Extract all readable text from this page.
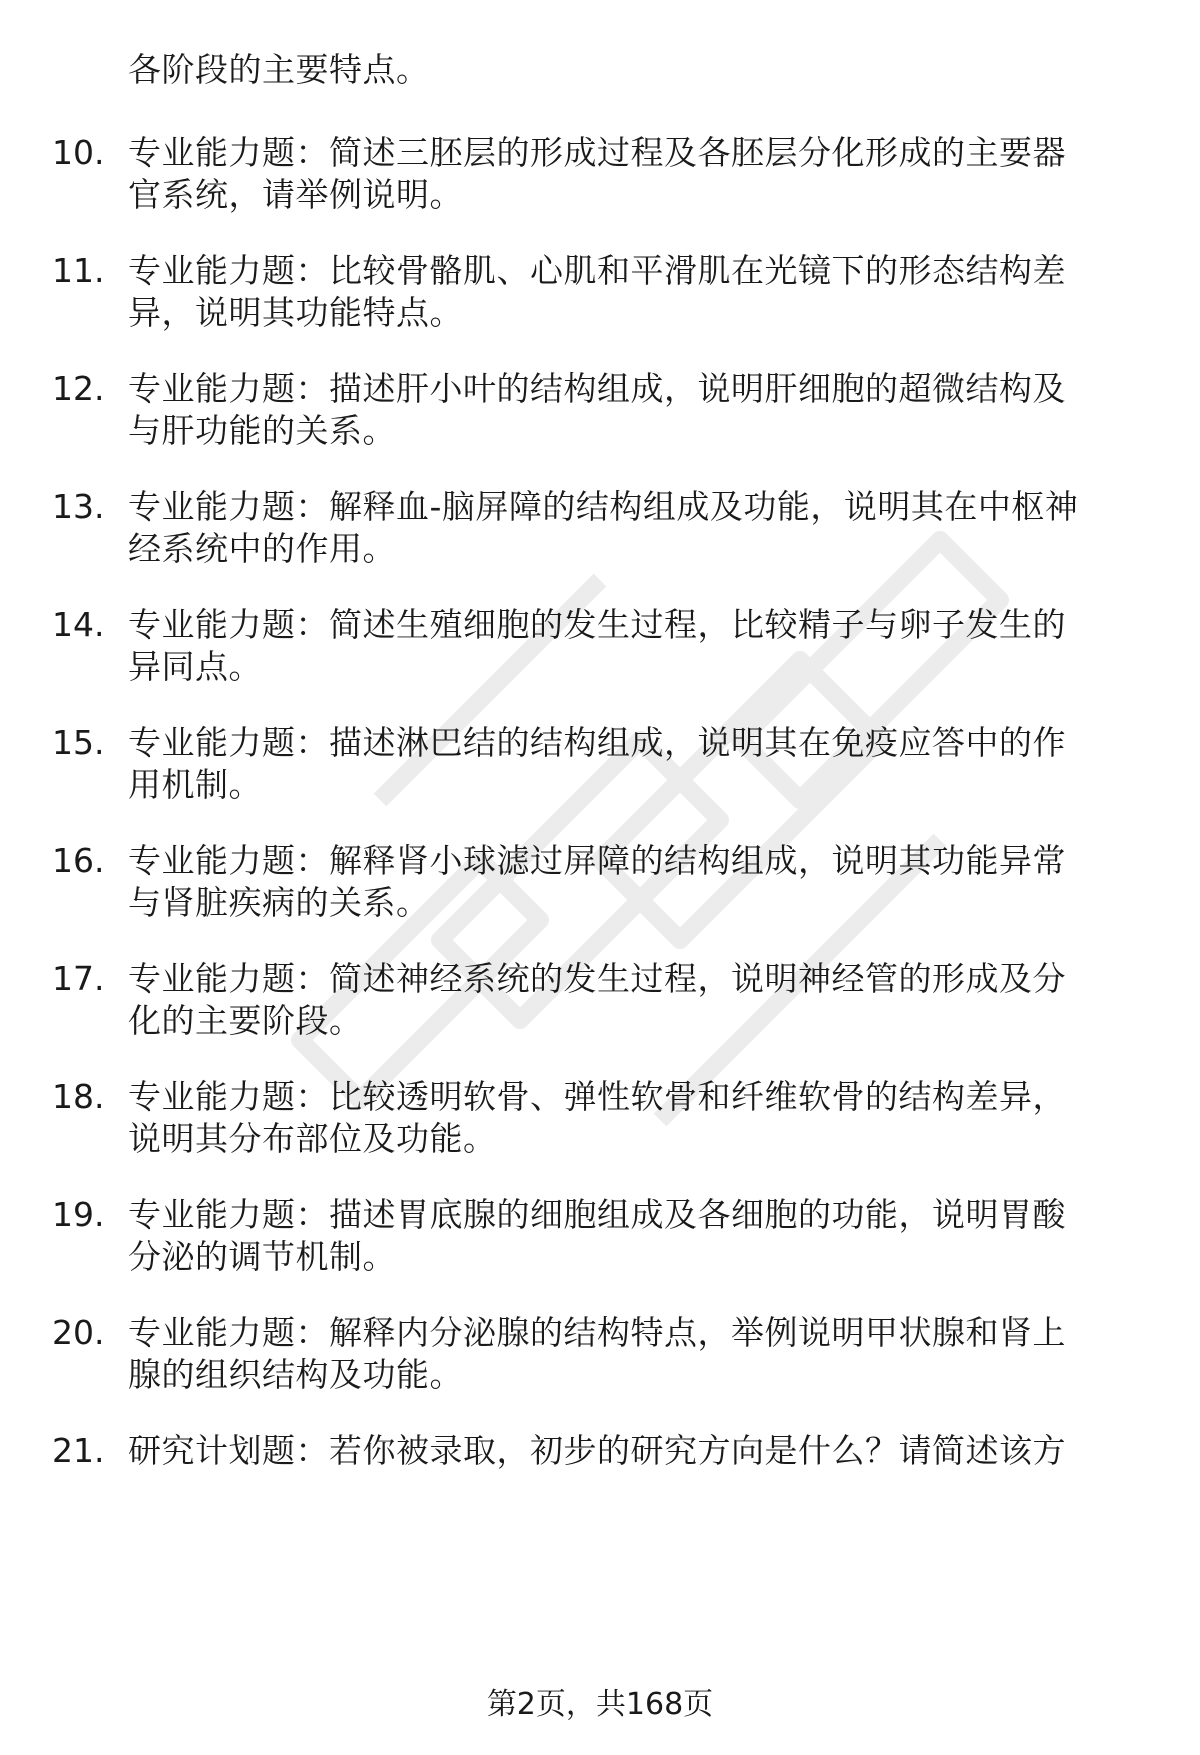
各阶段的主要特点。
10. 专业能力题：简述三胚层的形成过程及各胚层分化形成的主要器
官系统，请举例说明。
11. 专业能力题：比较骨骼肌、心肌和平滑肌在光镜下的形态结构差
异，说明其功能特点。
12. 专业能力题：描述肝小叶的结构组成，说明肝细胞的超微结构及
与肝功能的关系。
13. 专业能力题：解释血-脑屏障的结构组成及功能，说明其在中枢神
经系统中的作用。
14. 专业能力题：简述生殖细胞的发生过程，比较精子与卵子发生的
异同点。
15. 专业能力题：描述淋巴结的结构组成，说明其在免疫应答中的作
用机制。
16. 专业能力题：解释肾小球滤过屏障的结构组成，说明其功能异常
与肾脏疾病的关系。
17. 专业能力题：简述神经系统的发生过程，说明神经管的形成及分
化的主要阶段。
18. 专业能力题：比较透明软骨、弹性软骨和纤维软骨的结构差异，
说明其分布部位及功能。
19. 专业能力题：描述胃底腺的细胞组成及各细胞的功能，说明胃酸
分泌的调节机制。
20. 专业能力题：解释内分泌腺的结构特点，举例说明甲状腺和肾上
腺的组织结构及功能。
21. 研究计划题：若你被录取，初步的研究方向是什么？请简述该方
第2页，共168页
